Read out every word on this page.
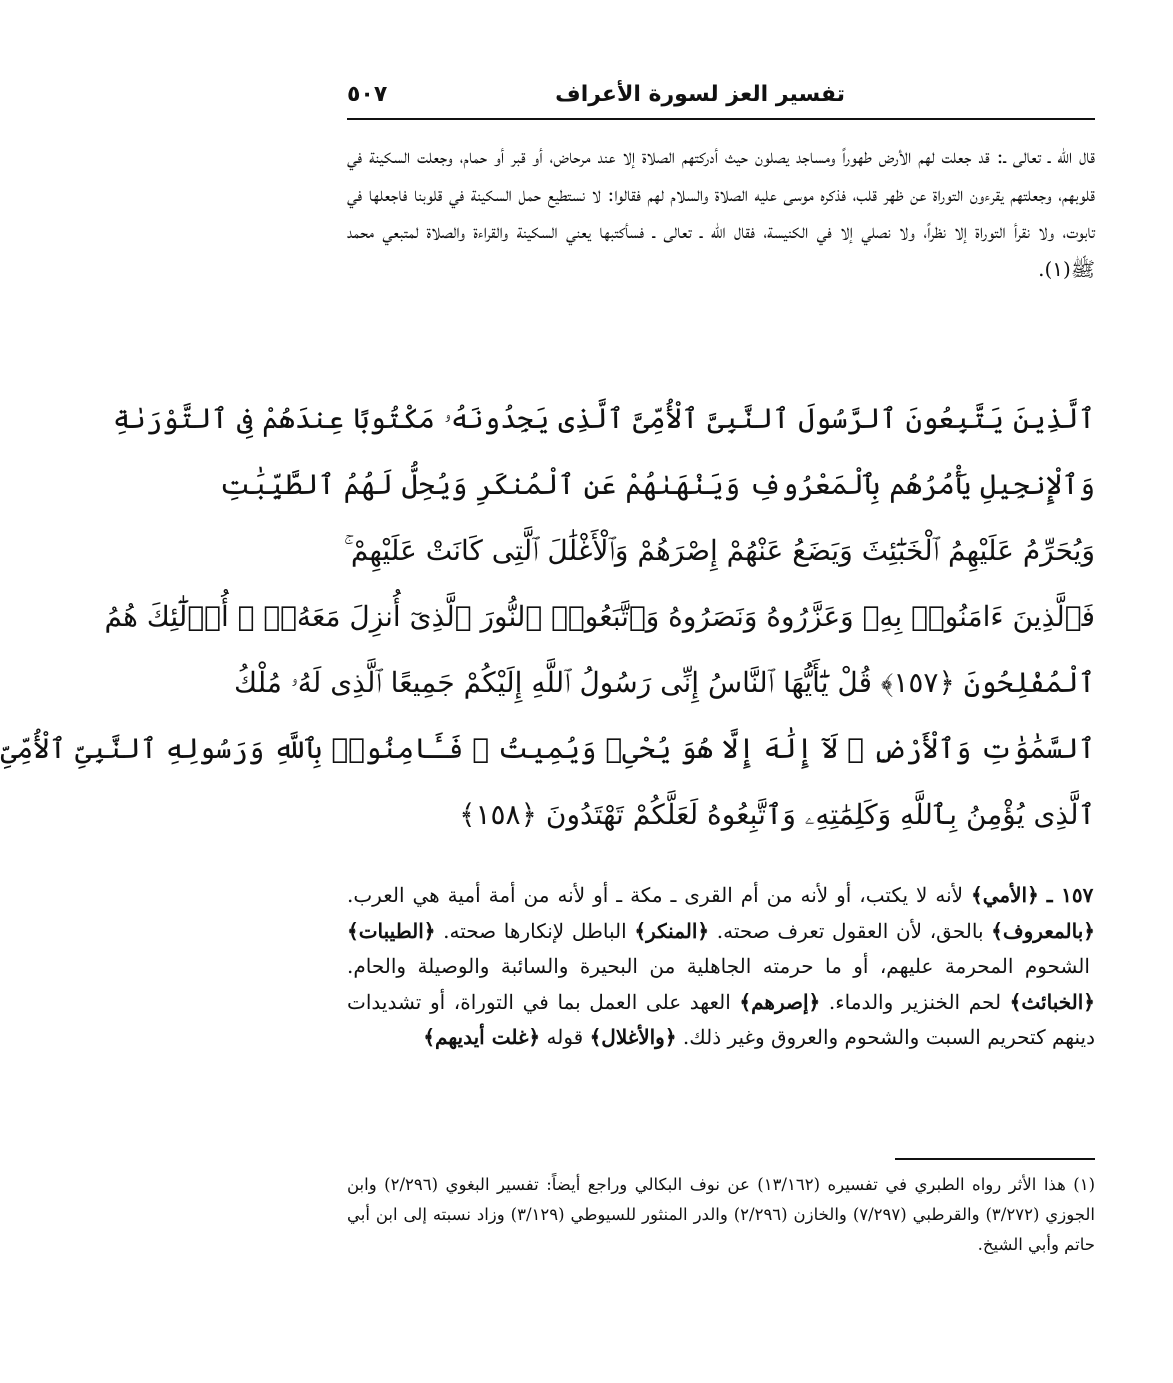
تفسير العز لسورة الأعراف
٥٠٧
قال الله ـ تعالى ـ: قد جعلت لهم الأرض طهوراً ومساجد يصلون حيث أدركتهم الصلاة إلا عند مرحاض، أو قبر أو حمام، وجعلت السكينة في قلوبهم، وجعلتهم يقرءون التوراة عن ظهر قلب، فذكره موسى عليه الصلاة والسلام لهم فقالوا: لا نستطيع حمل السكينة في قلوبنا فاجعلها في تابوت، ولا نقرأ التوراة إلا نظراً، ولا نصلي إلا في الكنيسة، فقال الله ـ تعالى ـ فسأكتبها يعني السكينة والقراءة والصلاة لمتبعي محمد ﷺ(١).
ٱلَّذِينَ يَتَّبِعُونَ ٱلرَّسُولَ ٱلنَّبِىَّ ٱلْأُمِّىَّ ٱلَّذِى يَجِدُونَهُۥ مَكْتُوبًا عِندَهُمْ فِى ٱلتَّوْرَىٰةِ
وَٱلْإِنجِيلِ يَأْمُرُهُم بِٱلْمَعْرُوفِ وَيَنْهَىٰهُمْ عَنِ ٱلْمُنكَرِ وَيُحِلُّ لَهُمُ ٱلطَّيِّبَٰتِ
وَيُحَرِّمُ عَلَيْهِمُ ٱلْخَبَٰٓئِثَ وَيَضَعُ عَنْهُمْ إِصْرَهُمْ وَٱلْأَغْلَٰلَ ٱلَّتِى كَانَتْ عَلَيْهِمْ ۚ
فَٱلَّذِينَ ءَامَنُوا۟ بِهِۦ وَعَزَّرُوهُ وَنَصَرُوهُ وَٱتَّبَعُوا۟ ٱلنُّورَ ٱلَّذِىٓ أُنزِلَ مَعَهُۥٓ ۙ أُو۟لَٰٓئِكَ هُمُ
ٱلْمُفْلِحُونَ ﴿١٥٧﴾ قُلْ يَٰٓأَيُّهَا ٱلنَّاسُ إِنِّى رَسُولُ ٱللَّهِ إِلَيْكُمْ جَمِيعًا ٱلَّذِى لَهُۥ مُلْكُ
ٱلسَّمَٰوَٰتِ وَٱلْأَرْضِ ۖ لَآ إِلَٰهَ إِلَّا هُوَ يُحْىِۦ وَيُمِيتُ ۖ فَـَٔامِنُوا۟ بِٱللَّهِ وَرَسُولِهِ ٱلنَّبِىِّ ٱلْأُمِّىِّ
ٱلَّذِى يُؤْمِنُ بِٱللَّهِ وَكَلِمَٰتِهِۦ وَٱتَّبِعُوهُ لَعَلَّكُمْ تَهْتَدُونَ ﴿١٥٨﴾
١٥٧ ـ ﴿الأمي﴾ لأنه لا يكتب، أو لأنه من أم القرى ـ مكة ـ أو لأنه من أمة أمية هي العرب. ﴿بالمعروف﴾ بالحق، لأن العقول تعرف صحته. ﴿المنكر﴾ الباطل لإنكارها صحته. ﴿الطيبات﴾ الشحوم المحرمة عليهم، أو ما حرمته الجاهلية من البحيرة والسائبة والوصيلة والحام. ﴿الخبائث﴾ لحم الخنزير والدماء. ﴿إصرهم﴾ العهد على العمل بما في التوراة، أو تشديدات دينهم كتحريم السبت والشحوم والعروق وغير ذلك. ﴿والأغلال﴾ قوله ﴿غلت أيديهم﴾
(١) هذا الأثر رواه الطبري في تفسيره (١٣/١٦٢) عن نوف البكالي وراجع أيضاً: تفسير البغوي (٢/٢٩٦) وابن الجوزي (٣/٢٧٢) والقرطبي (٧/٢٩٧) والخازن (٢/٢٩٦) والدر المنثور للسيوطي (٣/١٢٩) وزاد نسبته إلى ابن أبي حاتم وأبي الشيخ.
